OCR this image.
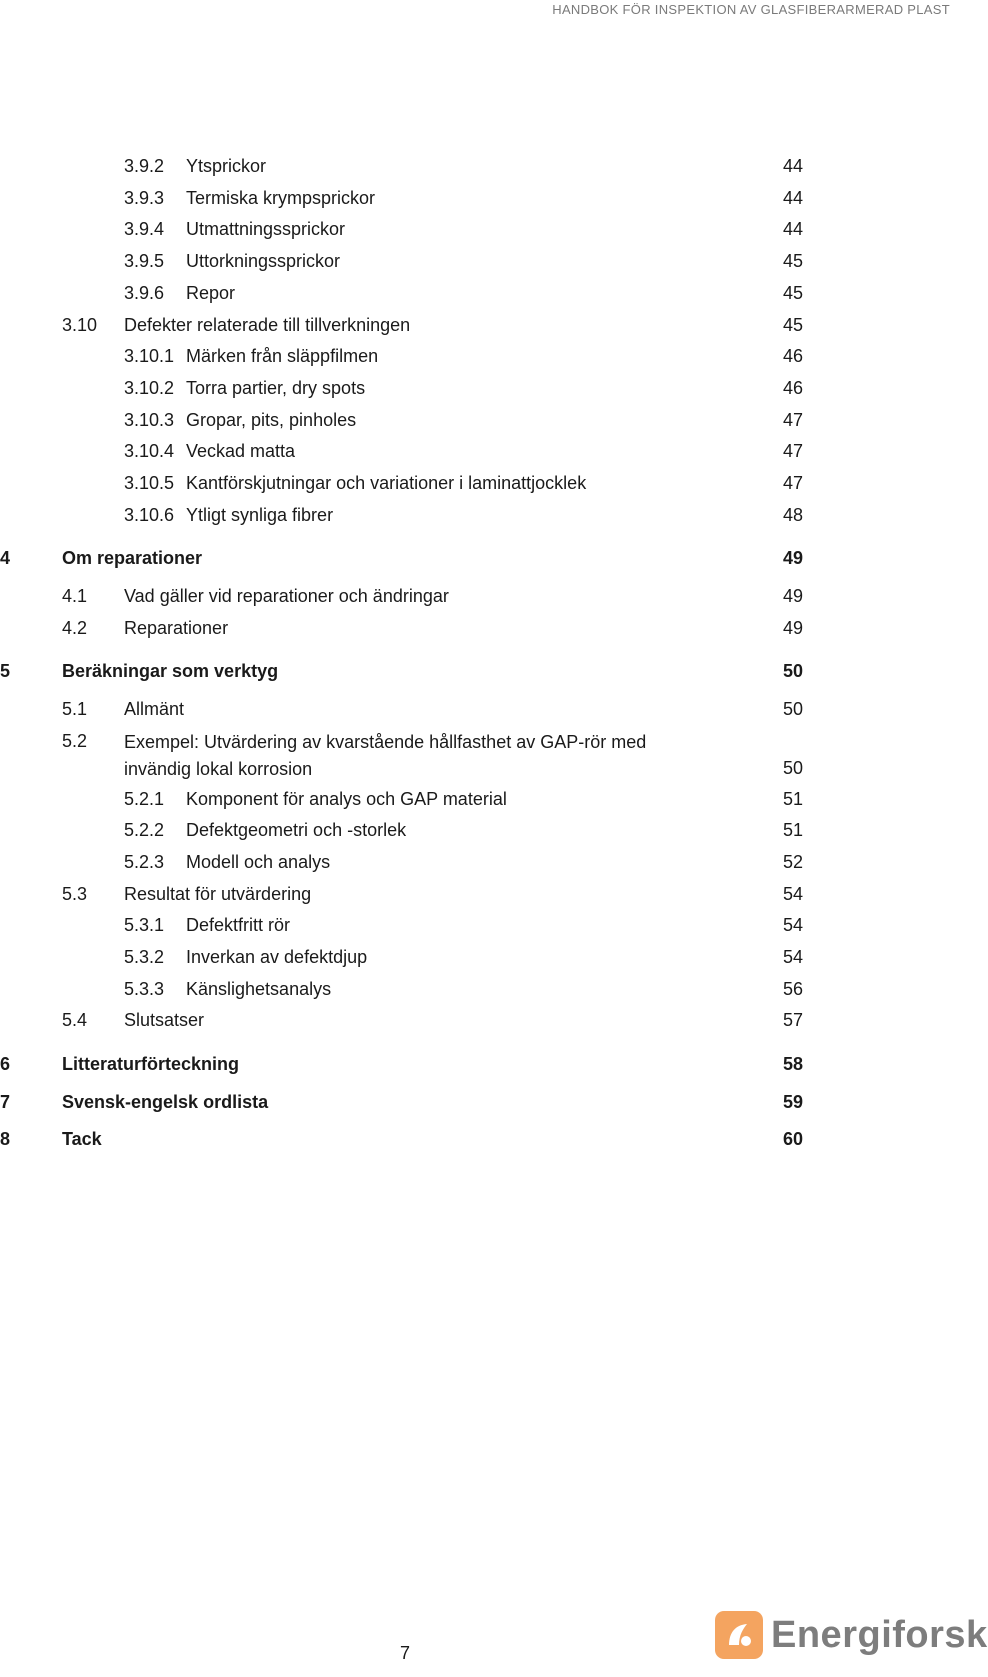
HANDBOK FÖR INSPEKTION AV GLASFIBERARMERAD PLAST
3.9.2 Ytsprickor	44
3.9.3 Termiska krympsprickor	44
3.9.4 Utmattningssprickor	44
3.9.5 Uttorkningssprickor	45
3.9.6 Repor	45
3.10 Defekter relaterade till tillverkningen	45
3.10.1 Märken från släppfilmen	46
3.10.2 Torra partier, dry spots	46
3.10.3 Gropar, pits, pinholes	47
3.10.4 Veckad matta	47
3.10.5 Kantförskjutningar och variationer i laminattjocklek	47
3.10.6 Ytligt synliga fibrer	48
4	Om reparationer	49
4.1 Vad gäller vid reparationer och ändringar	49
4.2 Reparationer	49
5	Beräkningar som verktyg	50
5.1 Allmänt	50
5.2 Exempel: Utvärdering av kvarstående hållfasthet av GAP-rör med invändig lokal korrosion	50
5.2.1 Komponent för analys och GAP material	51
5.2.2 Defektgeometri och -storlek	51
5.2.3 Modell och analys	52
5.3 Resultat för utvärdering	54
5.3.1 Defektfritt rör	54
5.3.2 Inverkan av defektdjup	54
5.3.3 Känslighetsanalys	56
5.4 Slutsatser	57
6	Litteraturförteckning	58
7	Svensk-engelsk ordlista	59
8	Tack	60
7	Energiforsk
